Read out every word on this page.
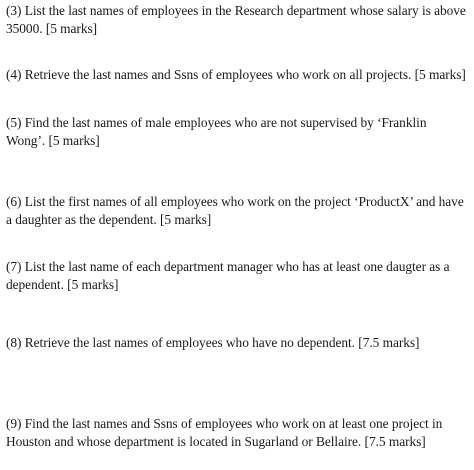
(3) List the last names of employees in the Research department whose salary is above 35000. [5 marks]

(4) Retrieve the last names and Ssns of employees who work on all projects. [5 marks]

(5) Find the last names of male employees who are not supervised by ‘Franklin Wong’. [5 marks]

(6) List the first names of all employees who work on the project ‘ProductX’ and have a daughter as the dependent. [5 marks]

(7) List the last name of each department manager who has at least one daugter as a dependent. [5 marks]

(8) Retrieve the last names of employees who have no dependent. [7.5 marks]

(9) Find the last names and Ssns of employees who work on at least one project in Houston and whose department is located in Sugarland or Bellaire. [7.5 marks]
